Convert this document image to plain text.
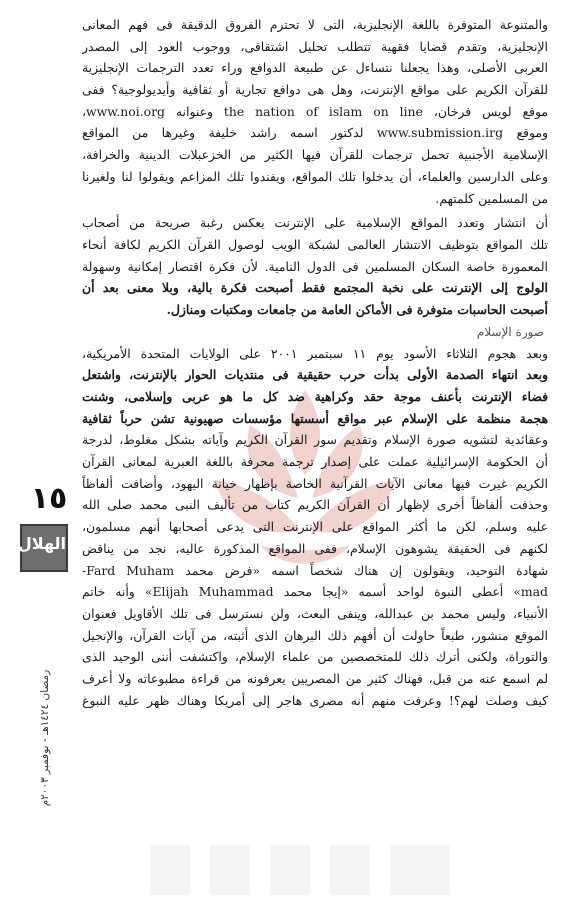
والمتنوعة المتوفرة باللغة الإنجليزية، التى لا تحترم الفروق الدقيقة فى فهم المعانى
الإنجليزية، وتقدم قضايا فقهية تتطلب تحليل اشتقاقى، ووجوب العود إلى المصدر
العربى الأصلى، وهذا يجعلنا نتساءل عن طبيعة الدوافع وراء تعدد الترجمات الإنجليزية
للقرآن الكريم على مواقع الإنترنت، وهل هى دوافع تجارية أو ثقافية وأيديولوجية؟ ففى
موقع لويس فرخان، the nation of islam on line وعنوانه www.noi.org،
وموقع www.submission.irg لدكتور اسمه راشد خليفة وغيرها من المواقع
الإسلامية الأجنبية تحمل ترجمات للقرآن فيها الكثير من الخزعبلات الدينية والخرافة،
وعلى الدارسين والعلماء، أن يدخلوا تلك المواقع، ويفندوا تلك المزاعم ويقولوا لنا ولغيرنا
من المسلمين كلمتهم.
أن انتشار وتعدد المواقع الإسلامية على الإنترنت يعكس رغبة صريحة من أصحاب
تلك المواقع بتوظيف الانتشار العالمى لشبكة الويب لوصول القرآن الكريم لكافة أنحاء
المعمورة خاصة السكان المسلمين فى الدول النامية. لأن فكرة اقتصار إمكانية وسهولة
الولوج إلى الإنترنت على نخبة المجتمع فقط أصبحت فكرة بالية، وبلا معنى بعد أن
أصبحت الحاسبات متوفرة فى الأماكن العامة من جامعات ومكتبات ومنازل.
صورة الإسلام
وبعد هجوم الثلاثاء الأسود يوم ١١ سبتمبر ٢٠٠١ على الولايات المتحدة الأمريكية،
وبعد انتهاء الصدمة الأولى بدأت حرب حقيقية فى منتديات الحوار بالإنترنت، واشتعل
فضاء الإنترنت بأعنف موجة حقد وكراهية ضد كل ما هو عربى وإسلامى، وشنت
هجمة منظمة على الإسلام عبر مواقع أسستها مؤسسات صهيونية تشن حرباً ثقافية
وعقائدية لتشويه صورة الإسلام وتقديم سور القرآن الكريم وآياته بشكل مغلوط، لدرجة
أن الحكومة الإسرائيلية عملت على إصدار ترجمة محرفة باللغة العبرية لمعانى القرآن
الكريم غيرت فيها معانى الآيات القرآنية الخاصة بإظهار خيانة اليهود، وأضافت ألفاظاً
وحذفت ألفاظاً أخرى لإظهار أن القرآن الكريم كتاب من تأليف النبى محمد صلى الله
عليه وسلم، لكن ما أكثر المواقع على الإنترنت التى يدعى أصحابها أنهم مسلمون،
لكنهم فى الحقيقة يشوهون الإسلام، ففى المواقع المذكورة عاليه، نجد من يناقض
شهادة التوحيد، ويقولون إن هناك شخصاً اسمه «فرض محمد Fard Muham-
mad» أعطى النبوة لواحد أسمه «إيجا محمد Elijah Muhammad» وأنه خاتم
الأنبياء، وليس محمد بن عبدالله، وينفى البعث، ولن نسترسل فى تلك الأقاويل فعنوان
الموقع منشور، طبعاً حاولت أن أفهم ذلك البرهان الذى أثبته، من آيات القرآن، والإنجيل
والتوراة، ولكنى أترك ذلك للمتخصصين من علماء الإسلام، واكتشفت أننى الوحيد الذى
لم اسمع عنه من قبل، فهناك كثير من المصريين يعرفونه من قراءة مطبوعاته ولا أعرف
كيف وصلت لهم؟! وعرفت منهم أنه مصرى هاجر إلى أمريكا وهناك ظهر عليه النبوغ
١٥
الهلال
رمضان ١٤٢٤هـ - نوفمبر ٢٠٠٣م
